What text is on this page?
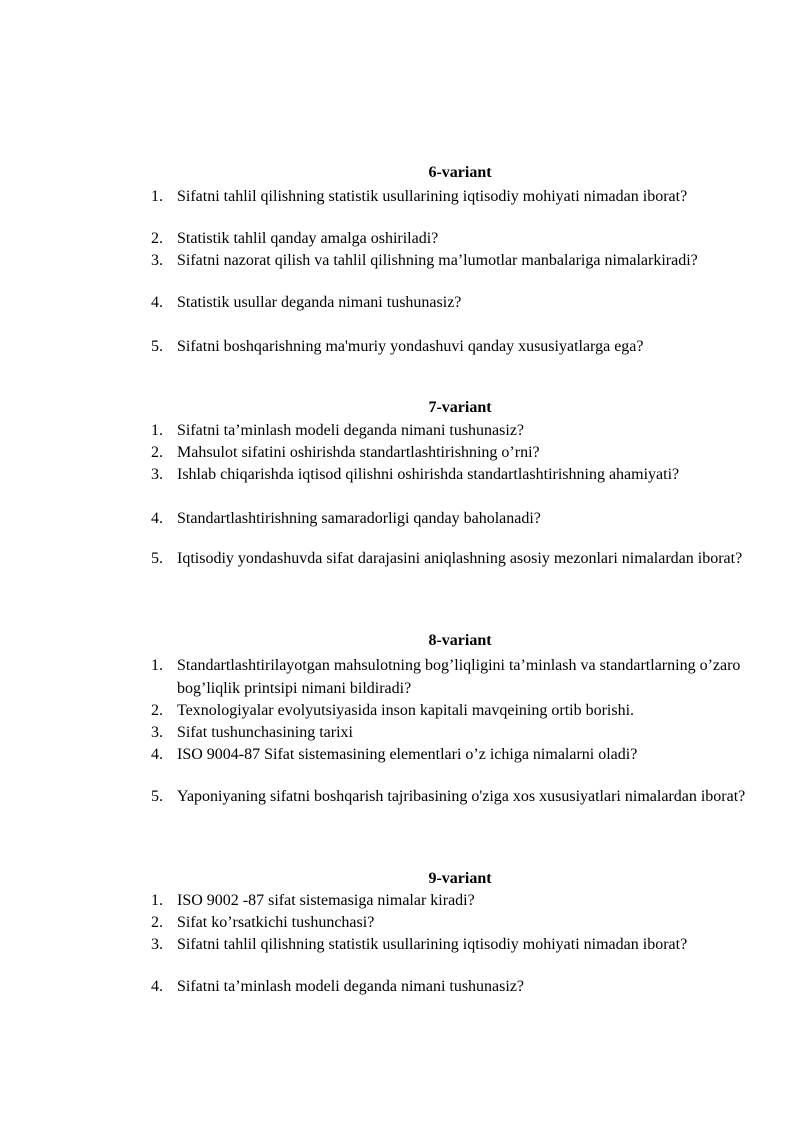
6-variant
1. Sifatni tahlil qilishning statistik usullarining iqtisodiy mohiyati nimadan iborat?
2. Statistik tahlil qanday amalga oshiriladi?
3. Sifatni nazorat qilish va tahlil qilishning ma’lumotlar manbalariga nimalarkiradi?
4. Statistik usullar deganda nimani tushunasiz?
5. Sifatni boshqarishning ma'muriy yondashuvi qanday xususiyatlarga ega?
7-variant
1. Sifatni ta’minlash modeli deganda nimani tushunasiz?
2. Mahsulot sifatini oshirishda standartlashtirishning o’rni?
3. Ishlab chiqarishda iqtisod qilishni oshirishda standartlashtirishning ahamiyati?
4. Standartlashtirishning samaradorligi qanday baholanadi?
5. Iqtisodiy yondashuvda sifat darajasini aniqlashning asosiy mezonlari nimalardan iborat?
8-variant
1. Standartlashtirilayotgan mahsulotning bog’liqligini ta’minlash va standartlarning o’zaro bog’liqlik printsipi nimani bildiradi?
2. Texnologiyalar evolyutsiyasida inson kapitali mavqeining ortib borishi.
3. Sifat tushunchasining tarixi
4. ISO 9004-87 Sifat sistemasining elementlari o’z ichiga nimalarni oladi?
5. Yaponiyaning sifatni boshqarish tajribasining o'ziga xos xususiyatlari nimalardan iborat?
9-variant
1. ISO 9002 -87 sifat sistemasiga nimalar kiradi?
2. Sifat ko’rsatkichi tushunchasi?
3. Sifatni tahlil qilishning statistik usullarining iqtisodiy mohiyati nimadan iborat?
4. Sifatni ta’minlash modeli deganda nimani tushunasiz?
